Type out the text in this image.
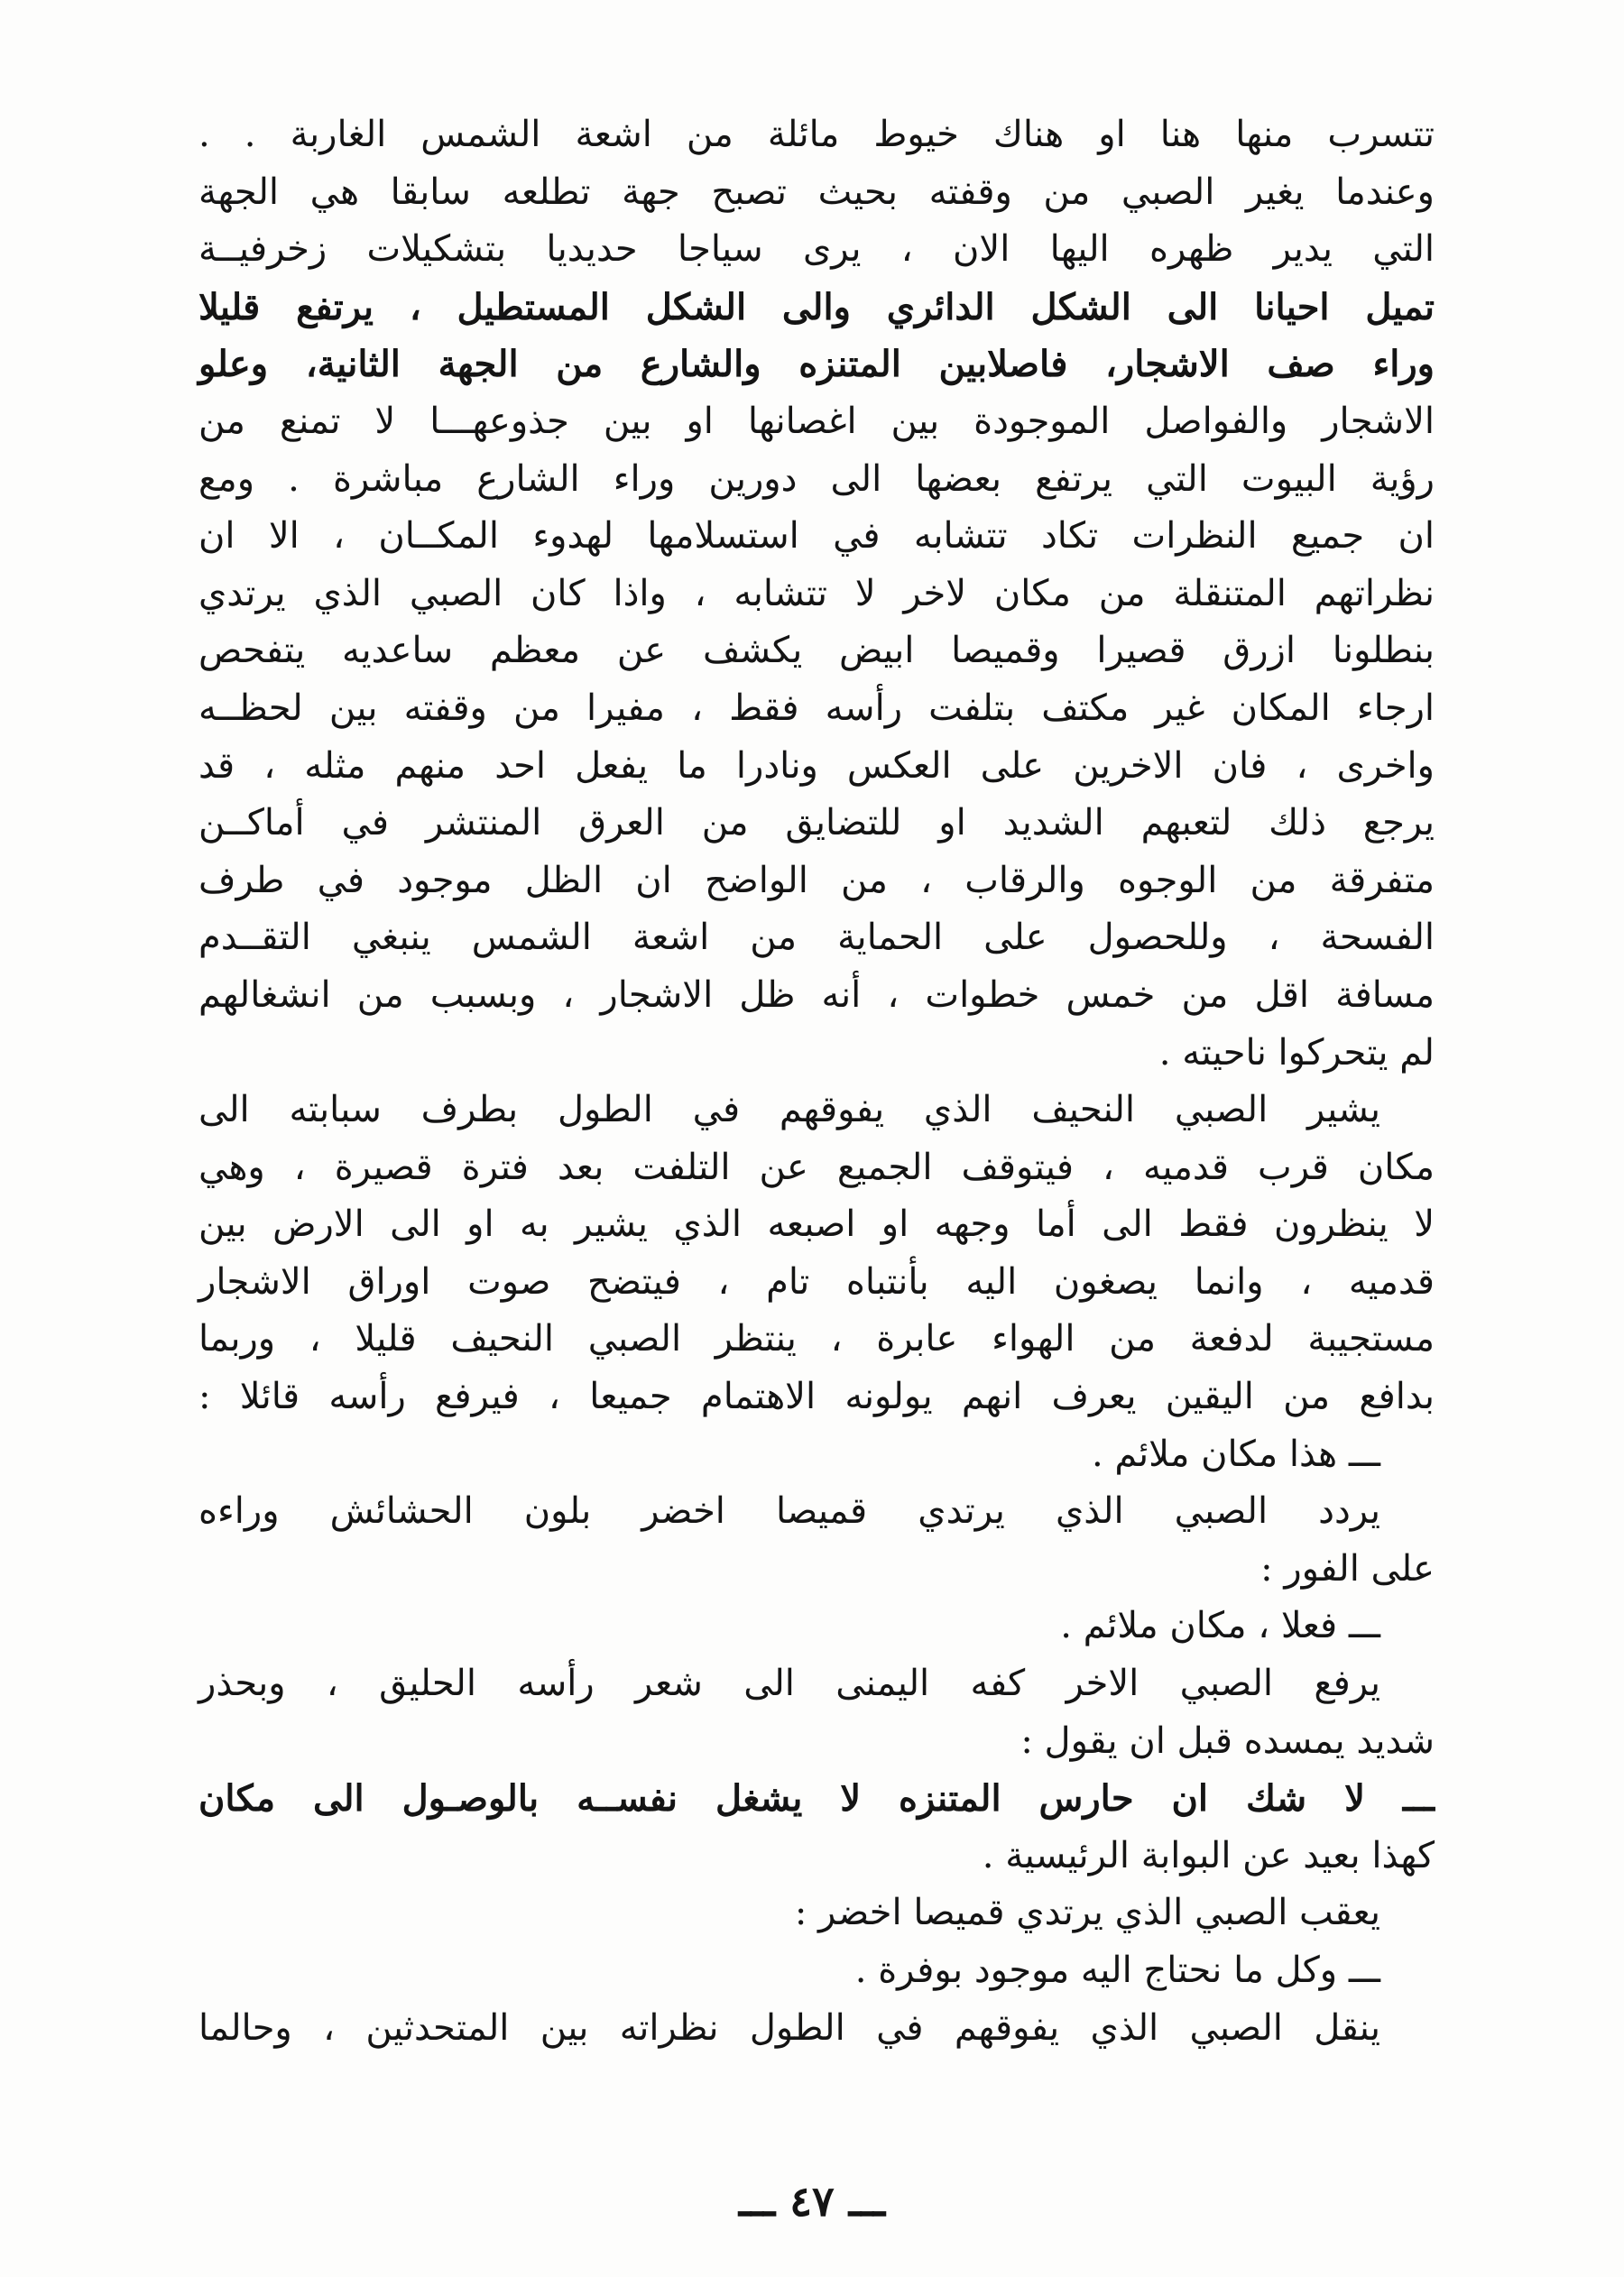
تتسرب منها هنا او هناك خيوط مائلة من اشعة الشمس الغاربة . .
وعندما يغير الصبي من وقفته بحيث تصبح جهة تطلعه سابقا هي الجهة
التي يدير ظهره اليها الان ، يرى سياجا حديديا بتشكيلات زخرفيــة
تميل احيانا الى الشكل الدائري والى الشكل المستطيل ، يرتفع قليلا
وراء صف الاشجار، فاصلابين المتنزه والشارع من الجهة الثانية، وعلو
الاشجار والفواصل الموجودة بين اغصانها او بين جذوعهـــا لا تمنع من
رؤية البيوت التي يرتفع بعضها الى دورين وراء الشارع مباشرة . ومع
ان جميع النظرات تكاد تتشابه في استسلامها لهدوء المكــان ، الا ان
نظراتهم المتنقلة من مكان لاخر لا تتشابه ، واذا كان الصبي الذي يرتدي
بنطلونا ازرق قصيرا وقميصا ابيض يكشف عن معظم ساعديه يتفحص
ارجاء المكان غير مكتف بتلفت رأسه فقط ، مفيرا من وقفته بين لحظــه
واخرى ، فان الاخرين على العكس ونادرا ما يفعل احد منهم مثله ، قد
يرجع ذلك لتعبهم الشديد او للتضايق من العرق المنتشر في أماكــن
متفرقة من الوجوه والرقاب ، من الواضح ان الظل موجود في طرف
الفسحة ، وللحصول على الحماية من اشعة الشمس ينبغي التقــدم
مسافة اقل من خمس خطوات ، أنه ظل الاشجار ، وبسبب من انشغالهم
لم يتحركوا ناحيته .
يشير الصبي النحيف الذي يفوقهم في الطول بطرف سبابته الى
مكان قرب قدميه ، فيتوقف الجميع عن التلفت بعد فترة قصيرة ، وهي
لا ينظرون فقط الى أما وجهه او اصبعه الذي يشير به او الى الارض بين
قدميه ، وانما يصغون اليه بأنتباه تام ، فيتضح صوت اوراق الاشجار
مستجيبة لدفعة من الهواء عابرة ، ينتظر الصبي النحيف قليلا ، وربما
بدافع من اليقين يعرف انهم يولونه الاهتمام جميعا ، فيرفع رأسه قائلا :
ـــ هذا مكان ملائم .
يردد الصبي الذي يرتدي قميصا اخضر بلون الحشائش وراءه
على الفور :
ـــ فعلا ، مكان ملائم .
يرفع الصبي الاخر كفه اليمنى الى شعر رأسه الحليق ، وبحذر
شديد يمسده قبل ان يقول :
ـــ لا شك ان حارس المتنزه لا يشغل نفســه بالوصـول الى مكان
كهذا بعيد عن البوابة الرئيسية .
يعقب الصبي الذي يرتدي قميصا اخضر :
ـــ وكل ما نحتاج اليه موجود بوفرة .
ينقل الصبي الذي يفوقهم في الطول نظراته بين المتحدثين ، وحالما
ـــ ٤٧ ـــ
